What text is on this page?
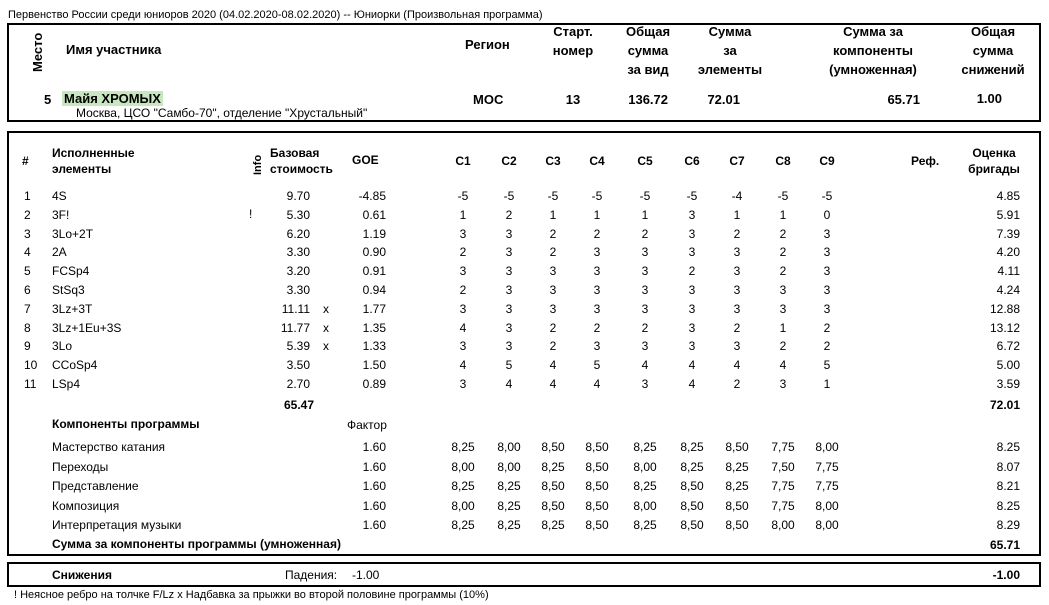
Первенство России среди юниоров 2020 (04.02.2020-08.02.2020) -- Юниорки (Произвольная программа)
Место Имя участника	Регион
Старт.
номер
Общая
сумма
за вид
Сумма
за
элементы
Сумма за
компоненты
(умноженная)
Общая
сумма
снижений
5 Майя ХРОМЫХ
Москва, ЦСО "Самбо-70", отделение "Хрустальный"
МОС	13	136.72	72.01	65.71	1.00
#
Исполненные
элементы	Info
Базовая
стоимость
GOE	C1	C2	C3	C4	C5	C6	C7	C8	C9	Реф.
Оценка
бригады
1 4S	9.70	-4.85	-5	-5	-5	-5	-5	-5	-4	-5	-5	4.85
2 3F!	!	5.30	0.61	1	2	1	1	1	3	1	1	0	5.91
3 3Lo+2T	6.20	1.19	3	3	2	2	2	3	2	2	3	7.39
4 2A	3.30	0.90	2	3	2	3	3	3	3	2	3	4.20
5 FCSp4	3.20	0.91	3	3	3	3	3	2	3	2	3	4.11
6 StSq3	3.30	0.94	2	3	3	3	3	3	3	3	3	4.24
7 3Lz+3T	11.11 x	1.77	3	3	3	3	3	3	3	3	3	12.88
8 3Lz+1Eu+3S	11.77 x	1.35	4	3	2	2	2	3	2	1	2	13.12
9 3Lo	5.39 x	1.33	3	3	2	3	3	3	3	2	2	6.72
10 CCoSp4	3.50	1.50	4	5	4	5	4	4	4	4	5	5.00
11 LSp4	2.70	0.89	3	4	4	4	3	4	2	3	1	3.59
65.47	72.01
Компоненты программы	Фактор
Мастерство катания	1.60	8,25	8,00	8,50	8,50	8,25	8,25	8,50	7,75	8,00	8.25
Переходы	1.60	8,00	8,00	8,25	8,50	8,00	8,25	8,25	7,50	7,75	8.07
Представление	1.60	8,25	8,25	8,50	8,50	8,25	8,50	8,25	7,75	7,75	8.21
Композиция	1.60	8,00	8,25	8,50	8,50	8,00	8,50	8,50	7,75	8,00	8.25
Интерпретация музыки	1.60	8,25	8,25	8,25	8,50	8,25	8,50	8,50	8,00	8,00	8.29
Сумма за компоненты программы (умноженная)	65.71
Снижения	Падения: -1.00	-1.00
! Неясное ребро на толчке F/Lz x Надбавка за прыжки во второй половине программы (10%)
